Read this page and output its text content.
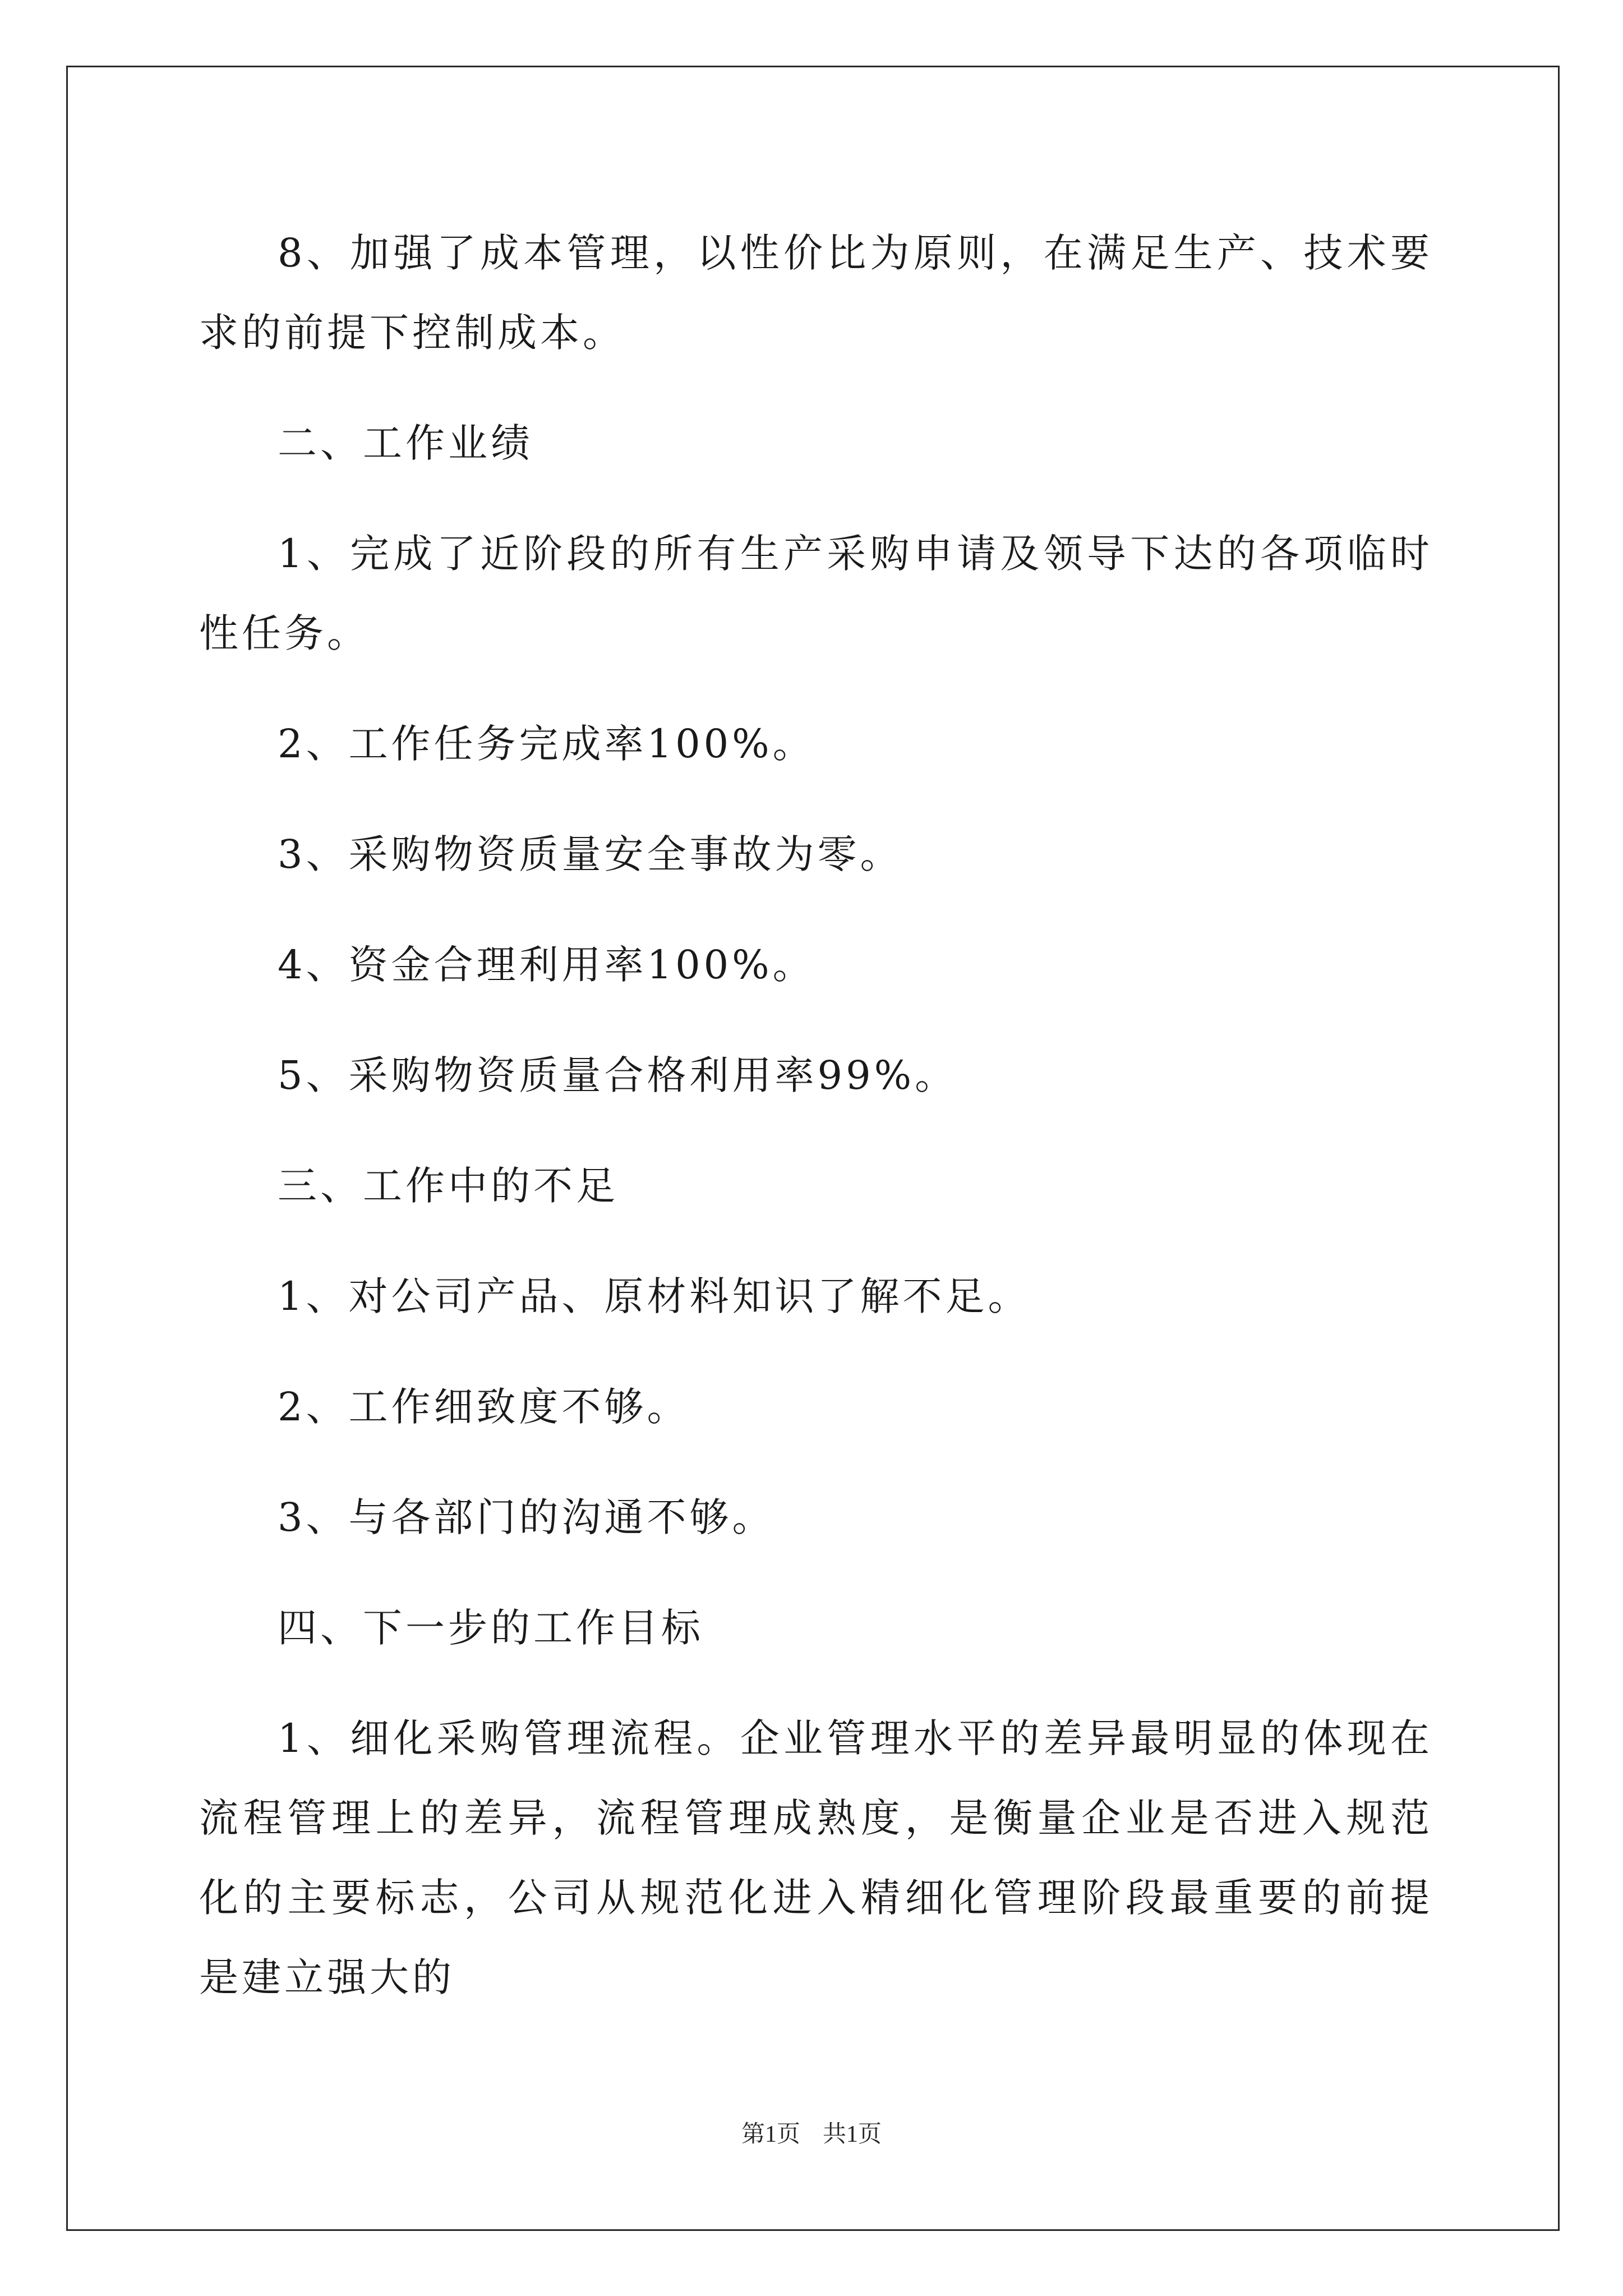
8、加强了成本管理，以性价比为原则，在满足生产、技术要求的前提下控制成本。

二、工作业绩

1、完成了近阶段的所有生产采购申请及领导下达的各项临时性任务。

2、工作任务完成率100%。

3、采购物资质量安全事故为零。

4、资金合理利用率100%。

5、采购物资质量合格利用率99%。

三、工作中的不足

1、对公司产品、原材料知识了解不足。

2、工作细致度不够。

3、与各部门的沟通不够。

四、下一步的工作目标

1、细化采购管理流程。企业管理水平的差异最明显的体现在流程管理上的差异，流程管理成熟度，是衡量企业是否进入规范化的主要标志，公司从规范化进入精细化管理阶段最重要的前提是建立强大的

第1页 共1页
